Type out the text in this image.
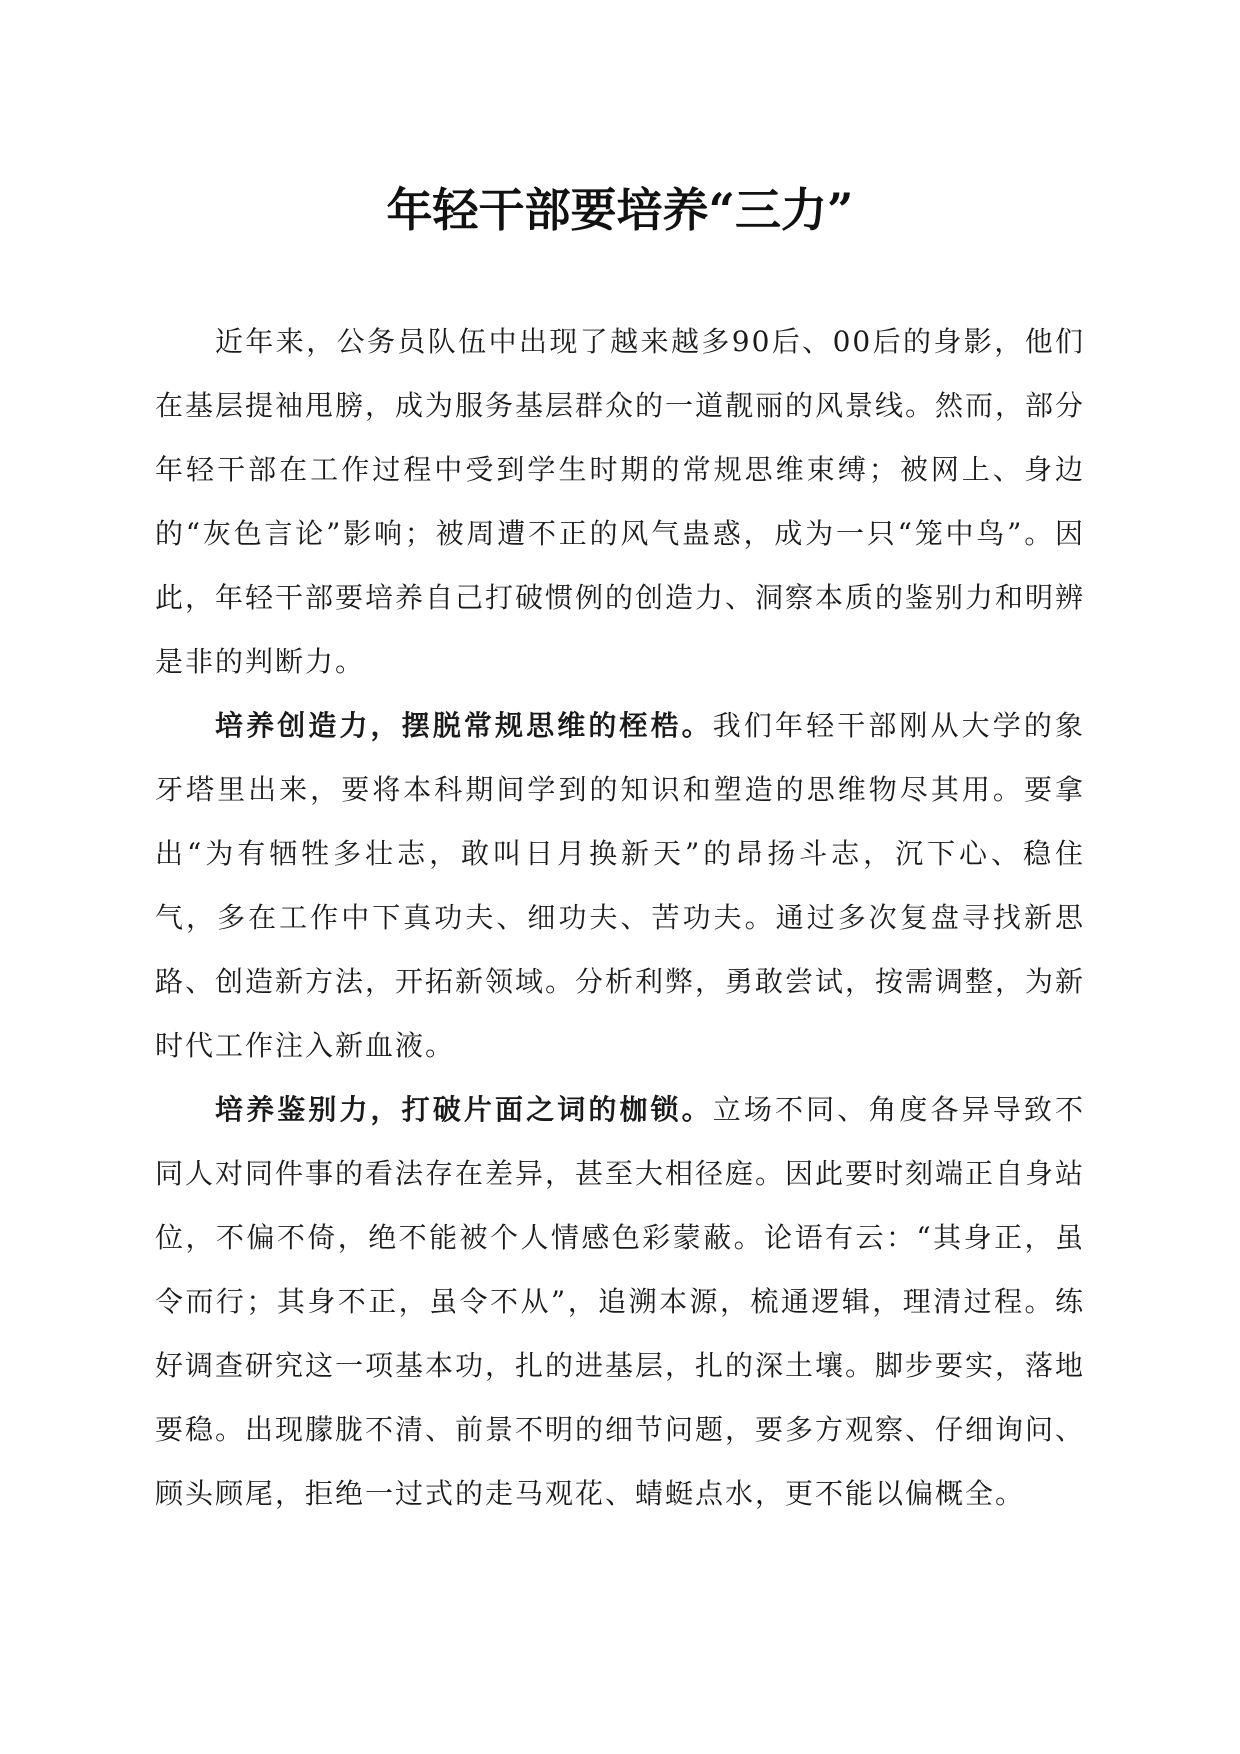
年轻干部要培养“三力”

近年来，公务员队伍中出现了越来越多90后、00后的身影，他们在基层提袖甩膀，成为服务基层群众的一道靓丽的风景线。然而，部分年轻干部在工作过程中受到学生时期的常规思维束缚；被网上、身边的“灰色言论”影响；被周遭不正的风气蛊惑，成为一只“笼中鸟”。因此，年轻干部要培养自己打破惯例的创造力、洞察本质的鉴别力和明辨是非的判断力。

培养创造力，摆脱常规思维的桎梏。我们年轻干部刚从大学的象牙塔里出来，要将本科期间学到的知识和塑造的思维物尽其用。要拿出“为有牺牲多壮志，敢叫日月换新天”的昂扬斗志，沉下心、稳住气，多在工作中下真功夫、细功夫、苦功夫。通过多次复盘寻找新思路、创造新方法，开拓新领域。分析利弊，勇敢尝试，按需调整，为新时代工作注入新血液。

培养鉴别力，打破片面之词的枷锁。立场不同、角度各异导致不同人对同件事的看法存在差异，甚至大相径庭。因此要时刻端正自身站位，不偏不倚，绝不能被个人情感色彩蒙蔽。论语有云：“其身正，虽令而行；其身不正，虽令不从”，追溯本源，梳通逻辑，理清过程。练好调查研究这一项基本功，扎的进基层，扎的深土壤。脚步要实，落地要稳。出现朦胧不清、前景不明的细节问题，要多方观察、仔细询问、顾头顾尾，拒绝一过式的走马观花、蜻蜓点水，更不能以偏概全。
